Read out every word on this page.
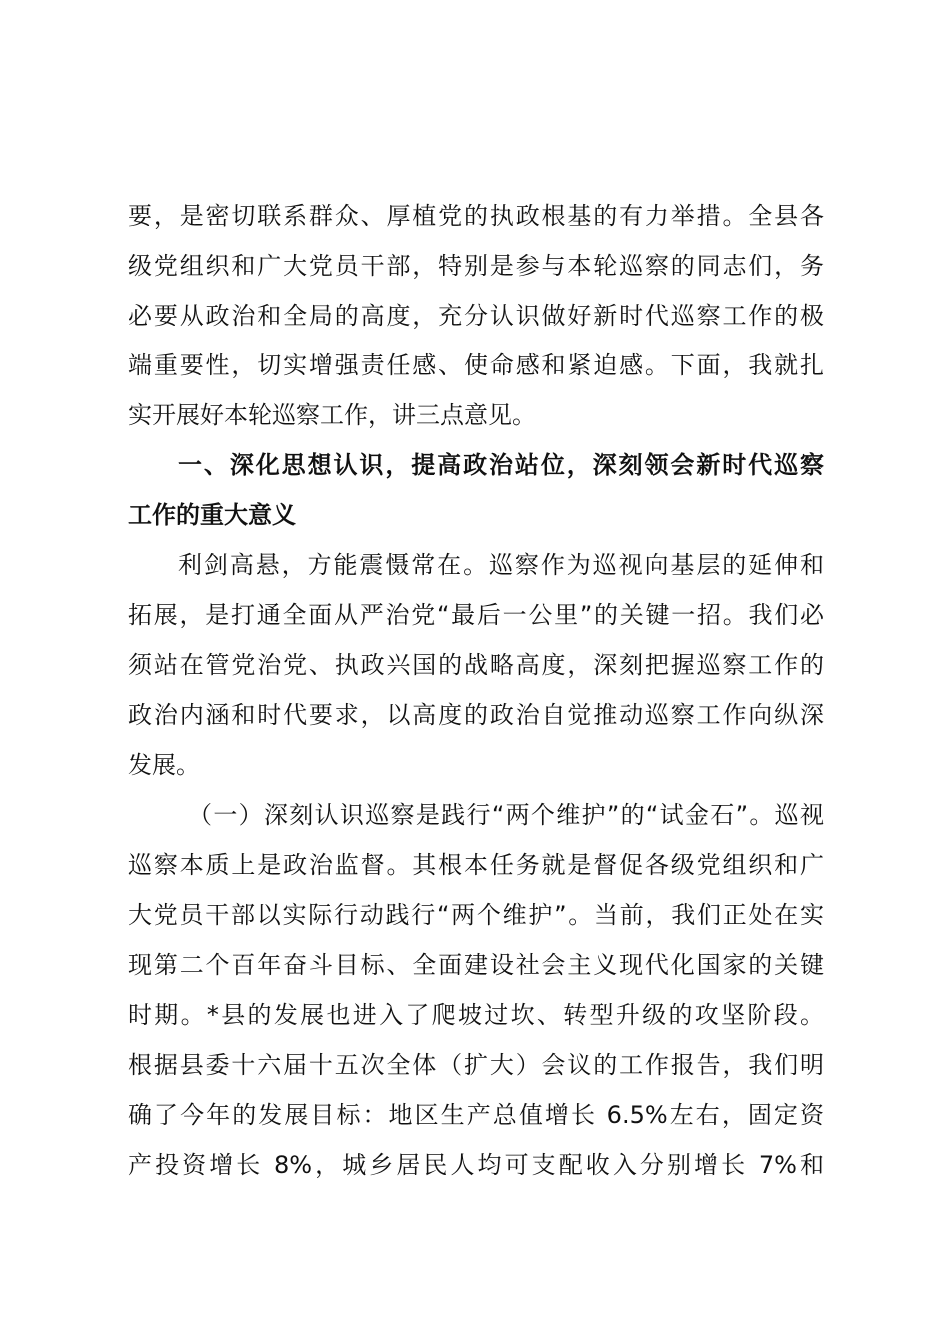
要，是密切联系群众、厚植党的执政根基的有力举措。全县各
级党组织和广大党员干部，特别是参与本轮巡察的同志们，务
必要从政治和全局的高度，充分认识做好新时代巡察工作的极
端重要性，切实增强责任感、使命感和紧迫感。下面，我就扎
实开展好本轮巡察工作，讲三点意见。
一、深化思想认识，提高政治站位，深刻领会新时代巡察
工作的重大意义
利剑高悬，方能震慑常在。巡察作为巡视向基层的延伸和
拓展，是打通全面从严治党“最后一公里”的关键一招。我们必
须站在管党治党、执政兴国的战略高度，深刻把握巡察工作的
政治内涵和时代要求，以高度的政治自觉推动巡察工作向纵深
发展。
（一）深刻认识巡察是践行“两个维护”的“试金石”。巡视
巡察本质上是政治监督。其根本任务就是督促各级党组织和广
大党员干部以实际行动践行“两个维护”。当前，我们正处在实
现第二个百年奋斗目标、全面建设社会主义现代化国家的关键
时期。*县的发展也进入了爬坡过坎、转型升级的攻坚阶段。
根据县委十六届十五次全体（扩大）会议的工作报告，我们明
确了今年的发展目标：地区生产总值增长 6.5%左右，固定资
产投资增长 8%，城乡居民人均可支配收入分别增长 7%和
